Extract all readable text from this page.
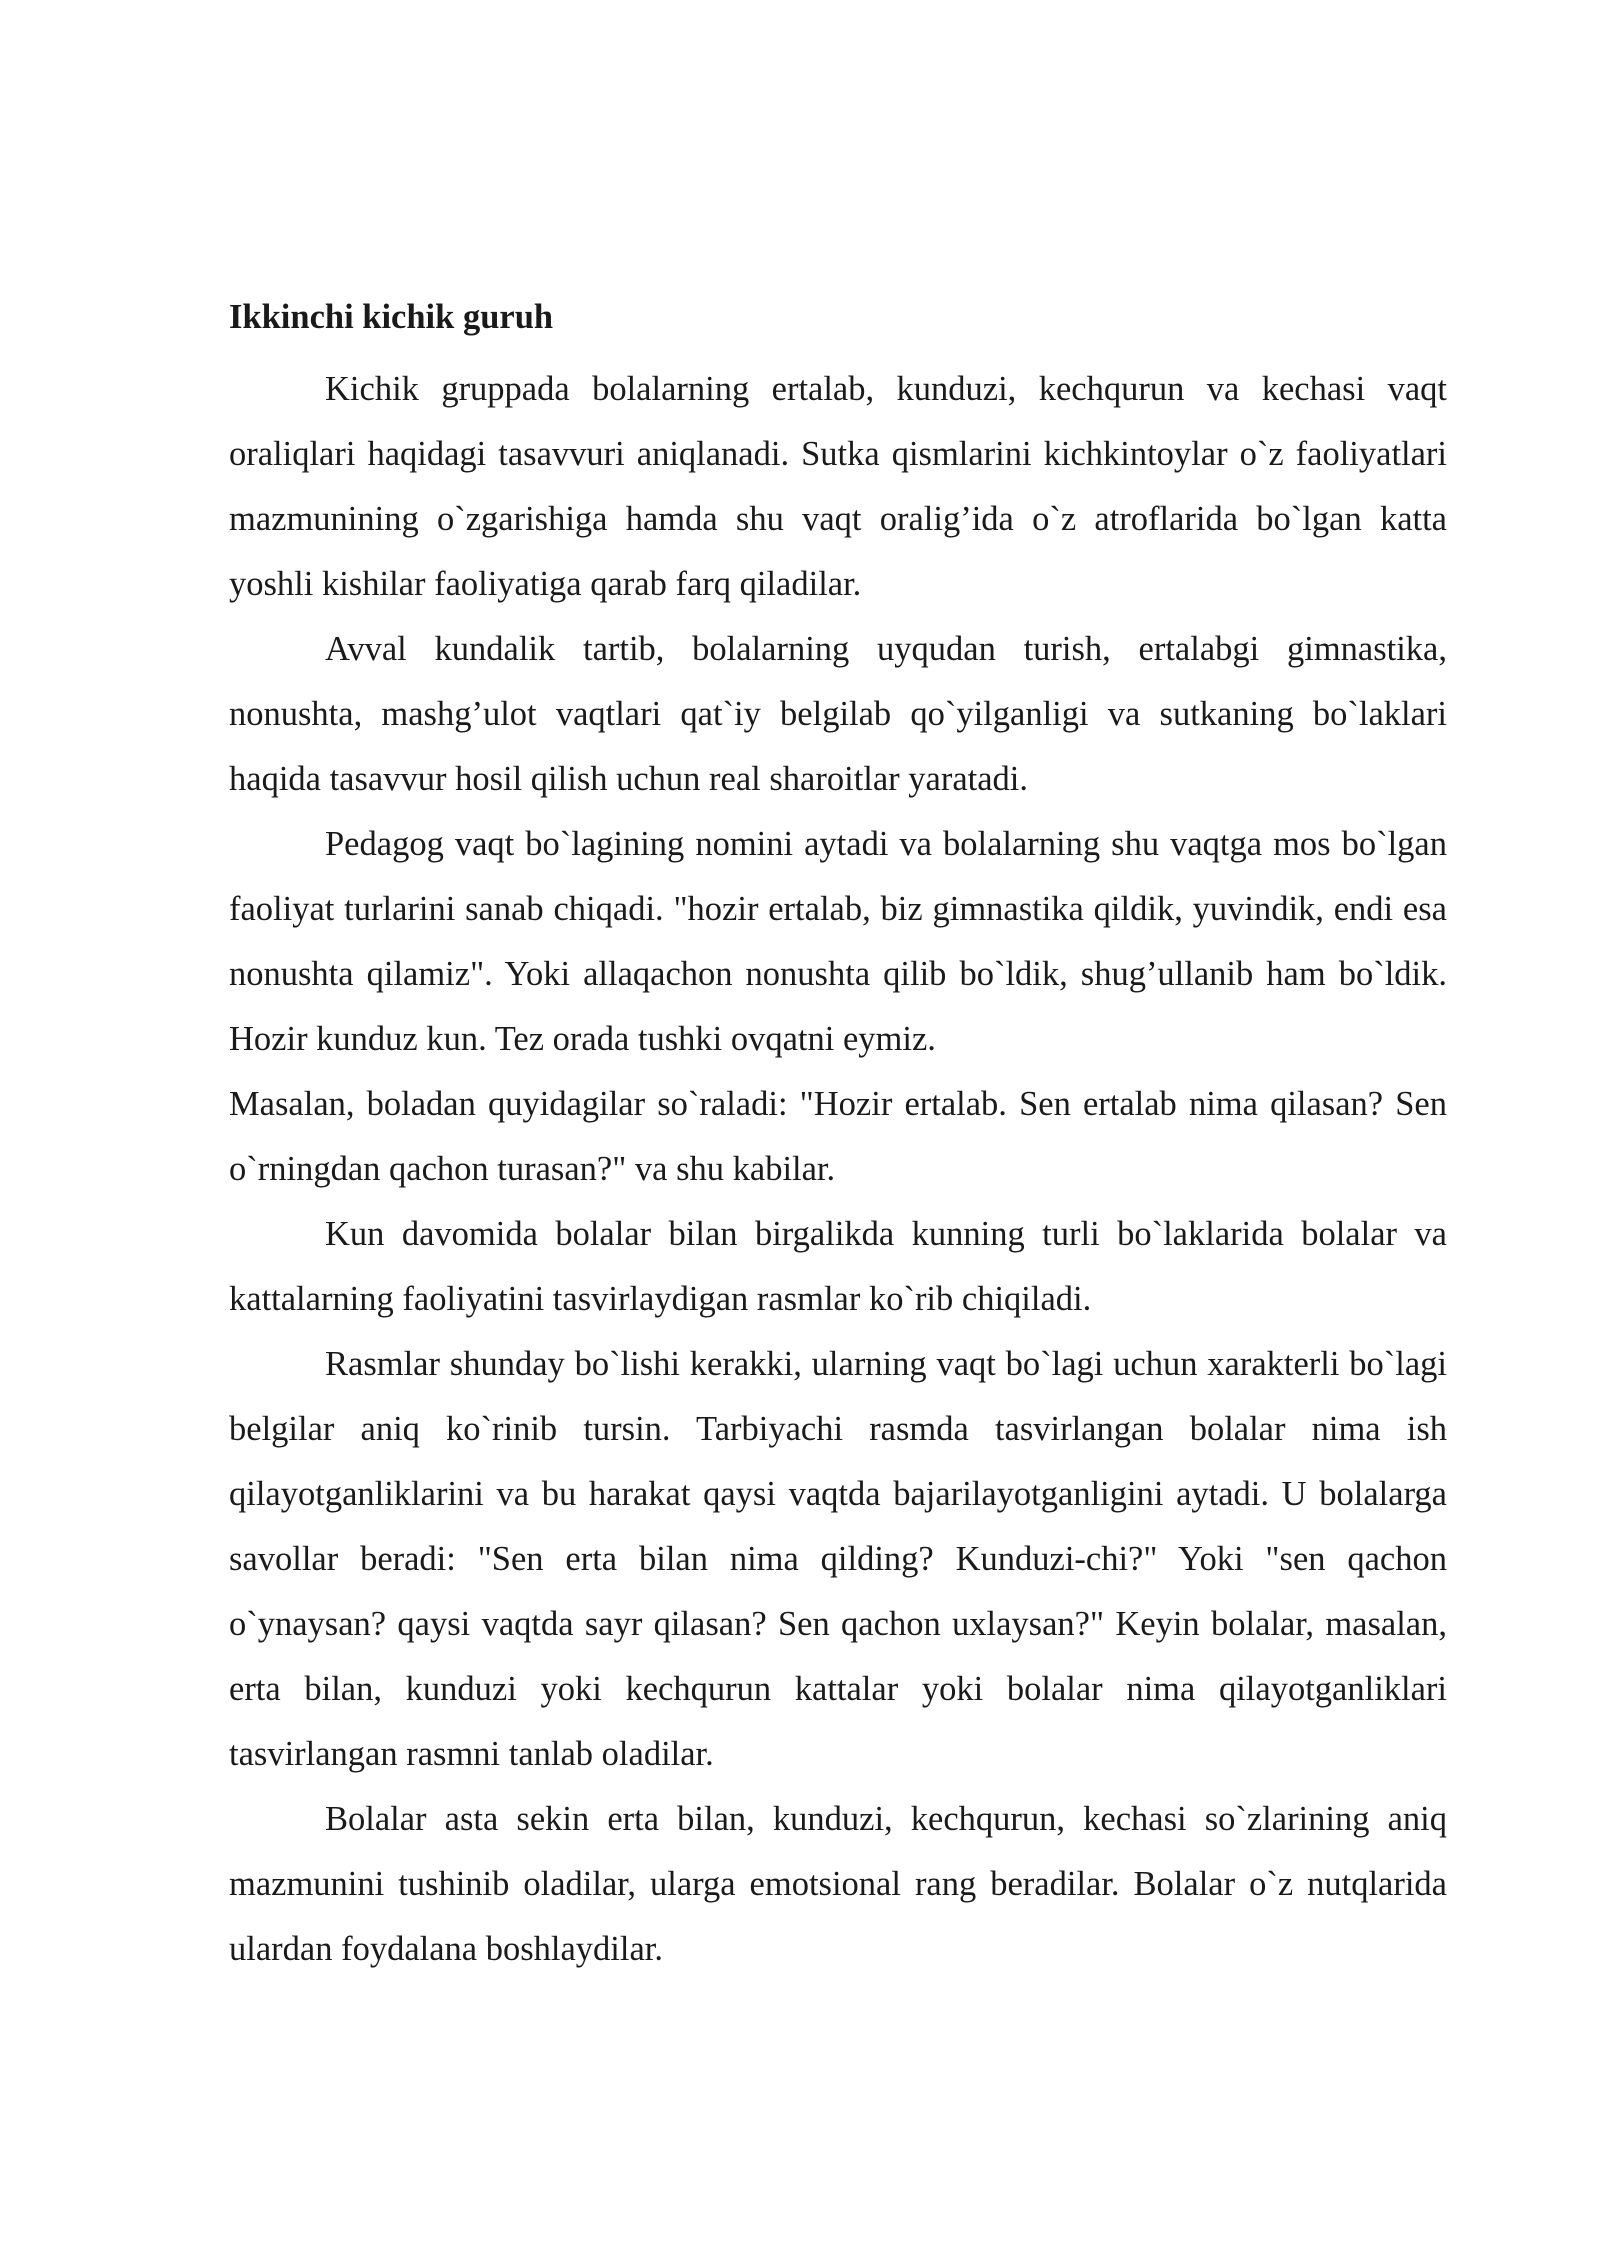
Ikkinchi kichik guruh

Kichik gruppada bolalarning ertalab, kunduzi, kechqurun va kechasi vaqt oraliqlari haqidagi tasavvuri aniqlanadi. Sutka qismlarini kichkintoylar o`z faoliyatlari mazmunining o`zgarishiga hamda shu vaqt oralig’ida o`z atroflarida bo`lgan katta yoshli kishilar faoliyatiga qarab farq qiladilar.

Avval kundalik tartib, bolalarning uyqudan turish, ertalabgi gimnastika, nonushta, mashg’ulot vaqtlari qat`iy belgilab qo`yilganligi va sutkaning bo`laklari haqida tasavvur hosil qilish uchun real sharoitlar yaratadi.

Pedagog vaqt bo`lagining nomini aytadi va bolalarning shu vaqtga mos bo`lgan faoliyat turlarini sanab chiqadi. "hozir ertalab, biz gimnastika qildik, yuvindik, endi esa nonushta qilamiz". Yoki allaqachon nonushta qilib bo`ldik, shug’ullanib ham bo`ldik. Hozir kunduz kun. Tez orada tushki ovqatni eymiz.

Masalan, boladan quyidagilar so`raladi: "Hozir ertalab. Sen ertalab nima qilasan? Sen o`rningdan qachon turasan?" va shu kabilar.

Kun davomida bolalar bilan birgalikda kunning turli bo`laklarida bolalar va kattalarning faoliyatini tasvirlaydigan rasmlar ko`rib chiqiladi.

Rasmlar shunday bo`lishi kerakki, ularning vaqt bo`lagi uchun xarakterli bo`lagi belgilar aniq ko`rinib tursin. Tarbiyachi rasmda tasvirlangan bolalar nima ish qilayotganliklarini va bu harakat qaysi vaqtda bajarilayotganligini aytadi. U bolalarga savollar beradi: "Sen erta bilan nima qilding? Kunduzi-chi?" Yoki "sen qachon o`ynaysan? qaysi vaqtda sayr qilasan? Sen qachon uxlaysan?" Keyin bolalar, masalan, erta bilan, kunduzi yoki kechqurun kattalar yoki bolalar nima qilayotganliklari tasvirlangan rasmni tanlab oladilar.

Bolalar asta sekin erta bilan, kunduzi, kechqurun, kechasi so`zlarining aniq mazmunini tushinib oladilar, ularga emotsional rang beradilar. Bolalar o`z nutqlarida ulardan foydalana boshlaydilar.
